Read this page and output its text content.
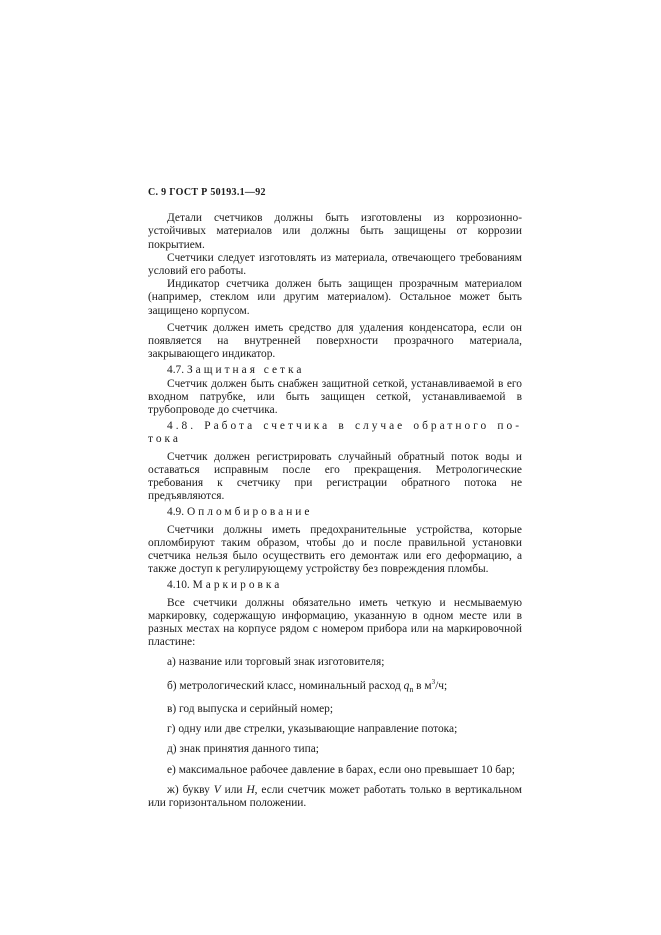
С. 9 ГОСТ Р 50193.1—92

Детали счетчиков должны быть изготовлены из коррозионно-устойчивых материалов или должны быть защищены от коррозии покрытием.

Счетчики следует изготовлять из материала, отвечающего требованиям условий его работы.

Индикатор счетчика должен быть защищен прозрачным материалом (например, стеклом или другим материалом). Остальное может быть защищено корпусом.

Счетчик должен иметь средство для удаления конденсатора, если он появляется на внутренней поверхности прозрачного материала, закрывающего индикатор.

4.7. Защитная сетка

Счетчик должен быть снабжен защитной сеткой, устанавливаемой в его входном патрубке, или быть защищен сеткой, устанавливаемой в трубопроводе до счетчика.

4.8. Работа счетчика в случае обратного по-

тока

Счетчик должен регистрировать случайный обратный поток воды и оставаться исправным после его прекращения. Метрологические требования к счетчику при регистрации обратного потока не предъявляются.

4.9. Опломбирование

Счетчики должны иметь предохранительные устройства, которые опломбируют таким образом, чтобы до и после правильной установки счетчика нельзя было осуществить его демонтаж или его деформацию, а также доступ к регулирующему устройству без повреждения пломбы.

4.10. Маркировка

Все счетчики должны обязательно иметь четкую и несмываемую маркировку, содержащую информацию, указанную в одном месте или в разных местах на корпусе рядом с номером прибора или на маркировочной пластине:

а) название или торговый знак изготовителя;

б) метрологический класс, номинальный расход $q_n$ в $м^3/ч$;

в) год выпуска и серийный номер;

г) одну или две стрелки, указывающие направление потока;

д) знак принятия данного типа;

е) максимальное рабочее давление в барах, если оно превышает 10 бар;

ж) букву V или H, если счетчик может работать только в вертикальном или горизонтальном положении.
